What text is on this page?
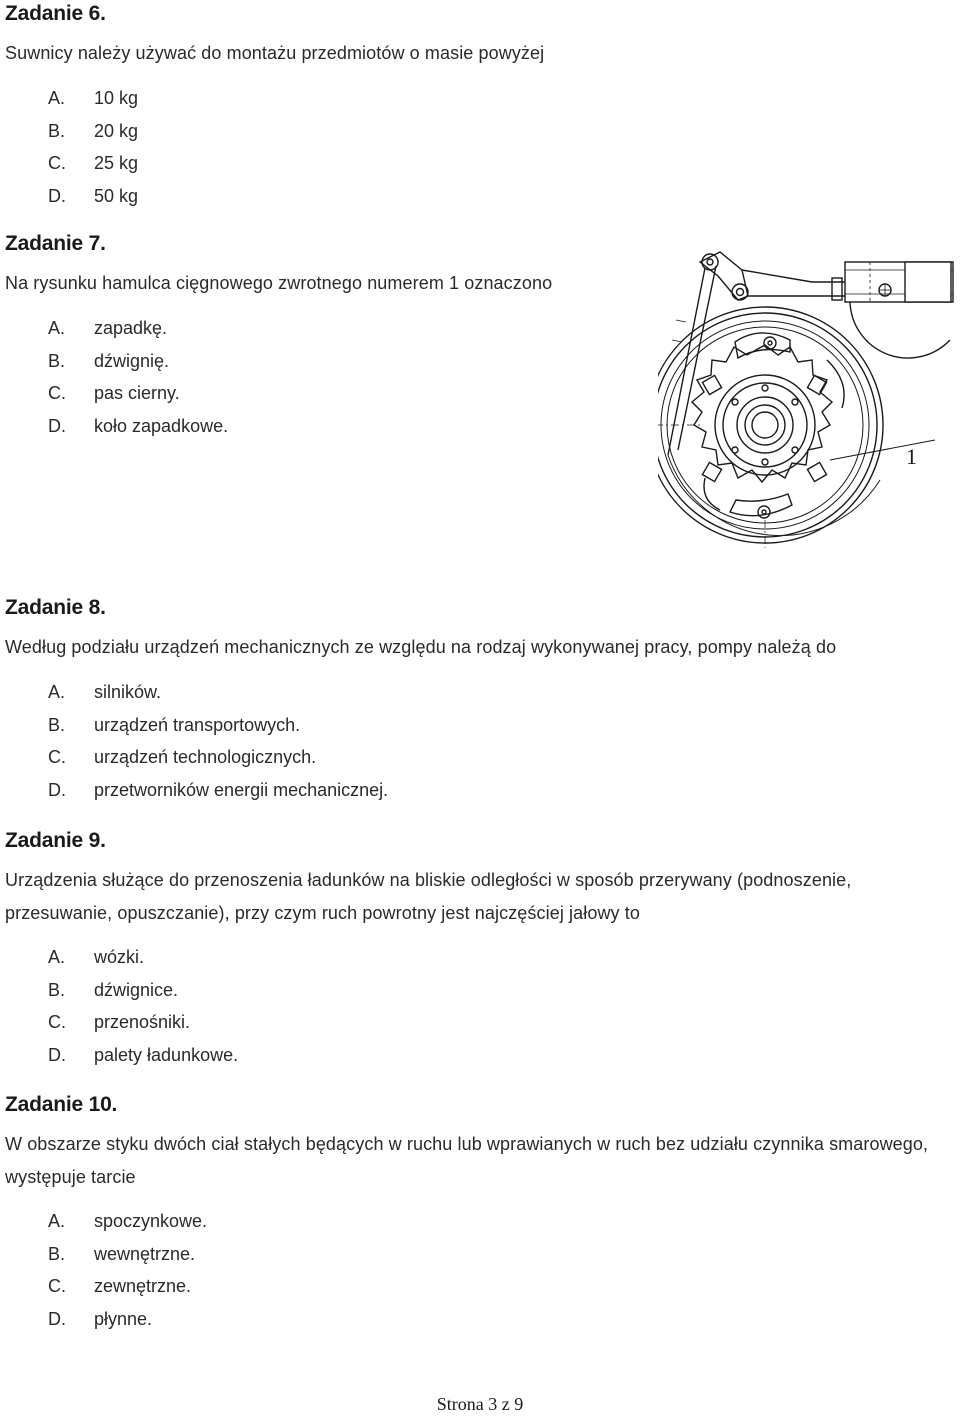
Zadanie 6.

Suwnicy należy używać do montażu przedmiotów o masie powyżej

A. 10 kg
B. 20 kg
C. 25 kg
D. 50 kg
Zadanie 7.

Na rysunku hamulca cięgnowego zwrotnego numerem 1 oznaczono

A. zapadkę.
B. dźwignię.
C. pas cierny.
D. koło zapadkowe.
1
Zadanie 8.

Według podziału urządzeń mechanicznych ze względu na rodzaj wykonywanej pracy, pompy należą do

A. silników.
B. urządzeń transportowych.
C. urządzeń technologicznych.
D. przetworników energii mechanicznej.
Zadanie 9.

Urządzenia służące do przenoszenia ładunków na bliskie odległości w sposób przerywany (podnoszenie, przesuwanie, opuszczanie), przy czym ruch powrotny jest najczęściej jałowy to

A. wózki.
B. dźwignice.
C. przenośniki.
D. palety ładunkowe.
Zadanie 10.

W obszarze styku dwóch ciał stałych będących w ruchu lub wprawianych w ruch bez udziału czynnika smarowego, występuje tarcie

A. spoczynkowe.
B. wewnętrzne.
C. zewnętrzne.
D. płynne.
Strona 3 z 9
